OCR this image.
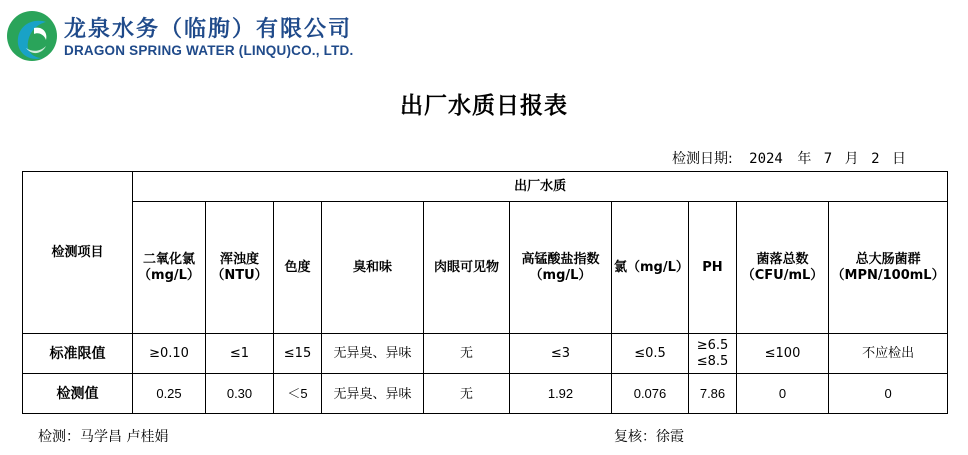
龙泉水务（临朐）有限公司
DRAGON SPRING WATER (LINQU)CO., LTD.
出厂水质日报表
检测日期: 2024 年 7 月 2 日
检测项目	出厂水质									
	二氧化氯（mg/L）	浑浊度（NTU）	色度	臭和味	肉眼可见物	高锰酸盐指数（mg/L）	氯（mg/L）	PH	菌落总数（CFU/mL）	总大肠菌群（MPN/100mL）
标准限值	≥0.10	≤1	≤15	无异臭、异味	无	≤3	≤0.5	≥6.5 ≤8.5	≤100	不应检出
检测值	0.25	0.30	＜5	无异臭、异味	无	1.92	0.076	7.86	0	0
检测：马学昌 卢桂娟	复核：徐霞
